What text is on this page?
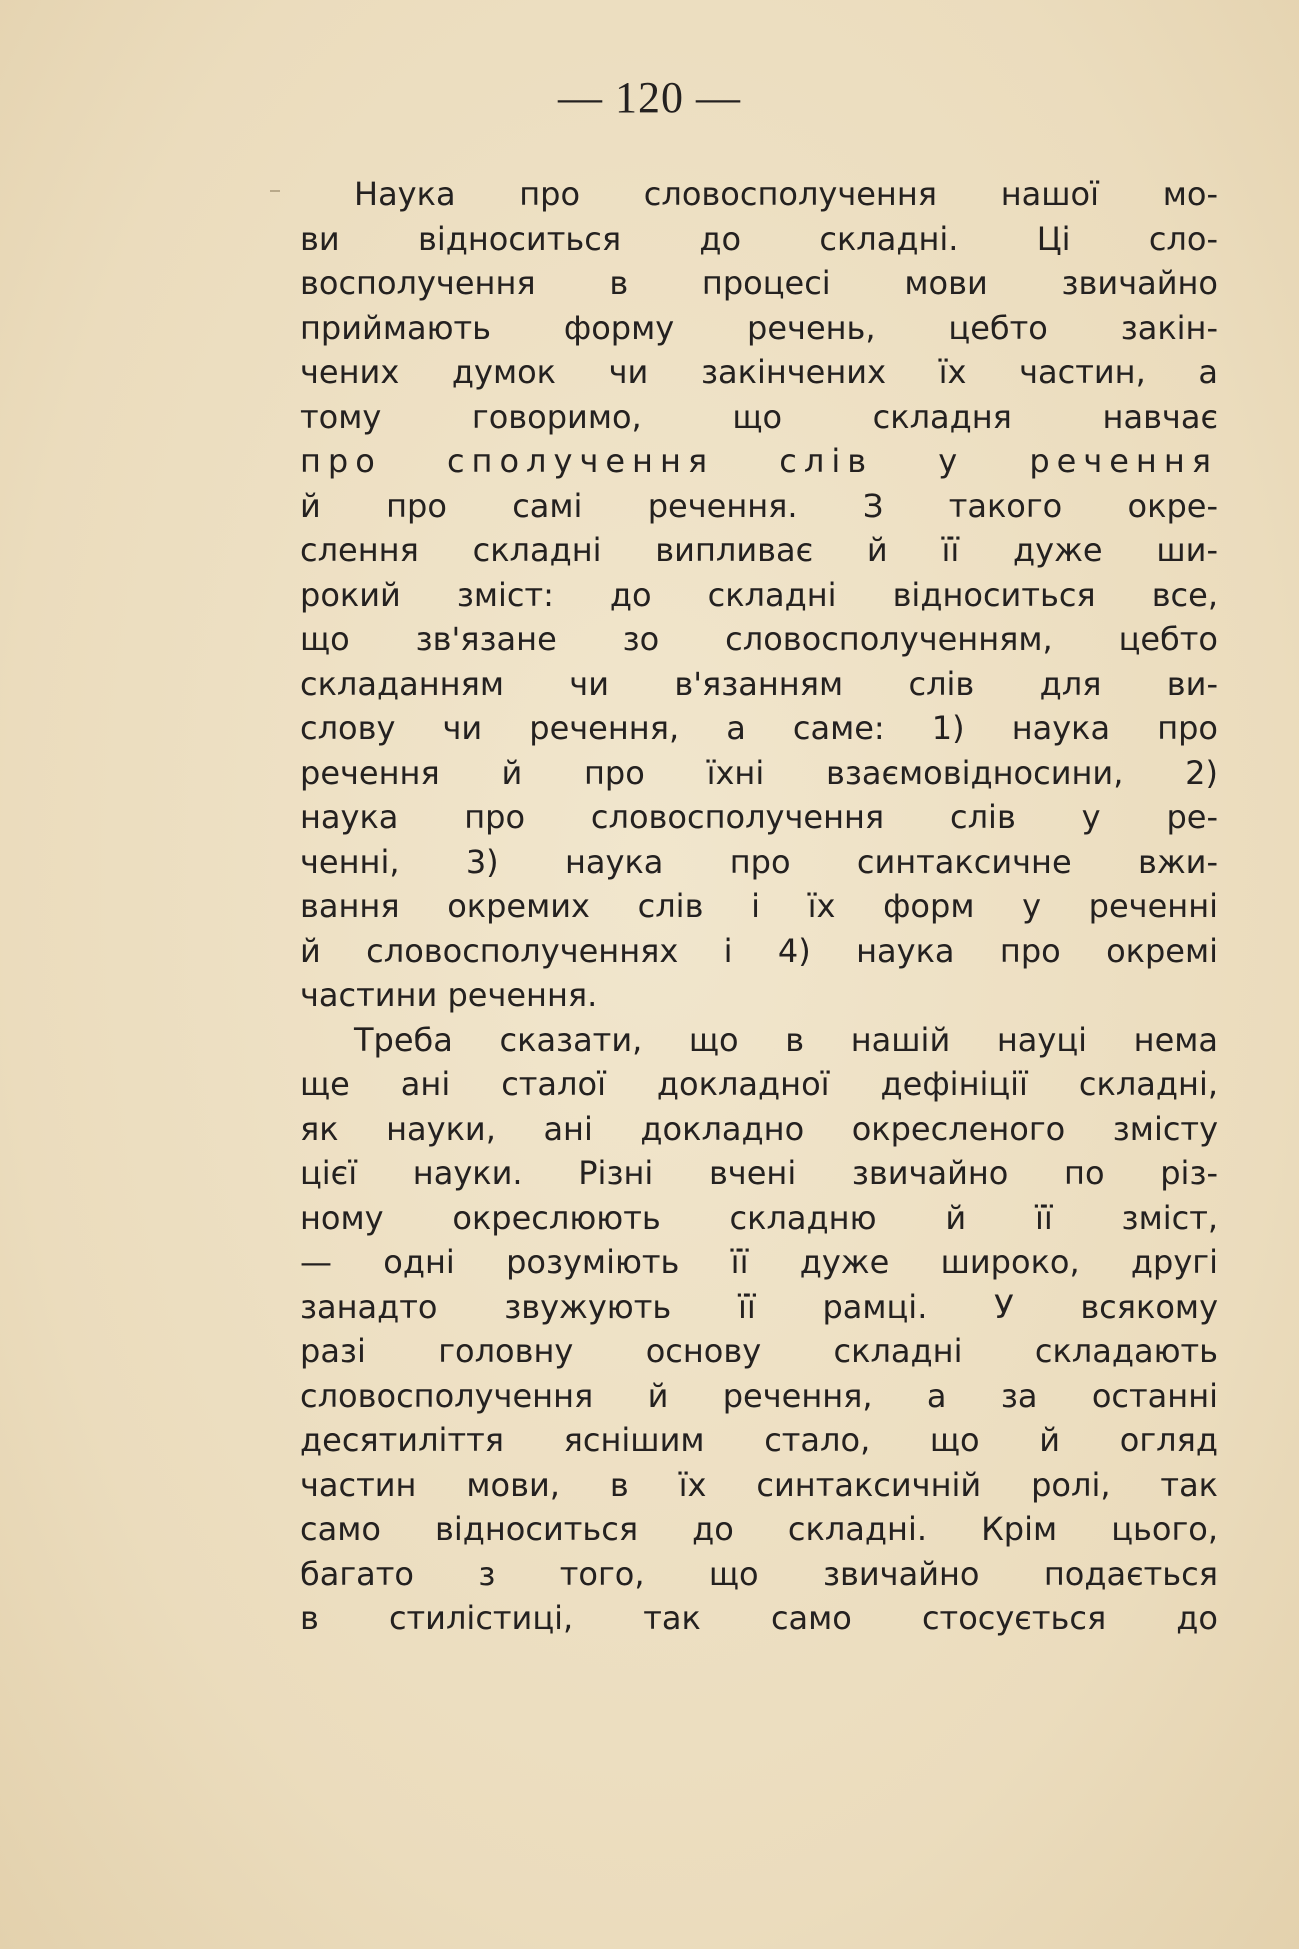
— 120 —
Наука про словосполучення нашої мо-
ви відноситься до складні. Ці сло-
восполучення в процесі мови звичайно
приймають форму речень, цебто закін-
чених думок чи закінчених їх частин, а
тому говоримо, що складня навчає
про сполучення слів у речення
й про самі речення. З такого окре-
слення складні випливає й її дуже ши-
рокий зміст: до складні відноситься все,
що зв'язане зо словосполученням, цебто
складанням чи в'язанням слів для ви-
слову чи речення, а саме: 1) наука про
речення й про їхні взаємовідносини, 2)
наука про словосполучення слів у ре-
ченні, 3) наука про синтаксичне вжи-
вання окремих слів і їх форм у реченні
й словосполученнях і 4) наука про окремі
частини речення.
Треба сказати, що в нашій науці нема
ще ані сталої докладної дефініції складні,
як науки, ані докладно окресленого змісту
цієї науки. Різні вчені звичайно по різ-
ному окреслюють складню й її зміст,
— одні розуміють її дуже широко, другі
занадто звужують її рамці. У всякому
разі головну основу складні складають
словосполучення й речення, а за останні
десятиліття яснішим стало, що й огляд
частин мови, в їх синтаксичній ролі, так
само відноситься до складні. Крім цього,
багато з того, що звичайно подається
в стилістиці, так само стосується до
